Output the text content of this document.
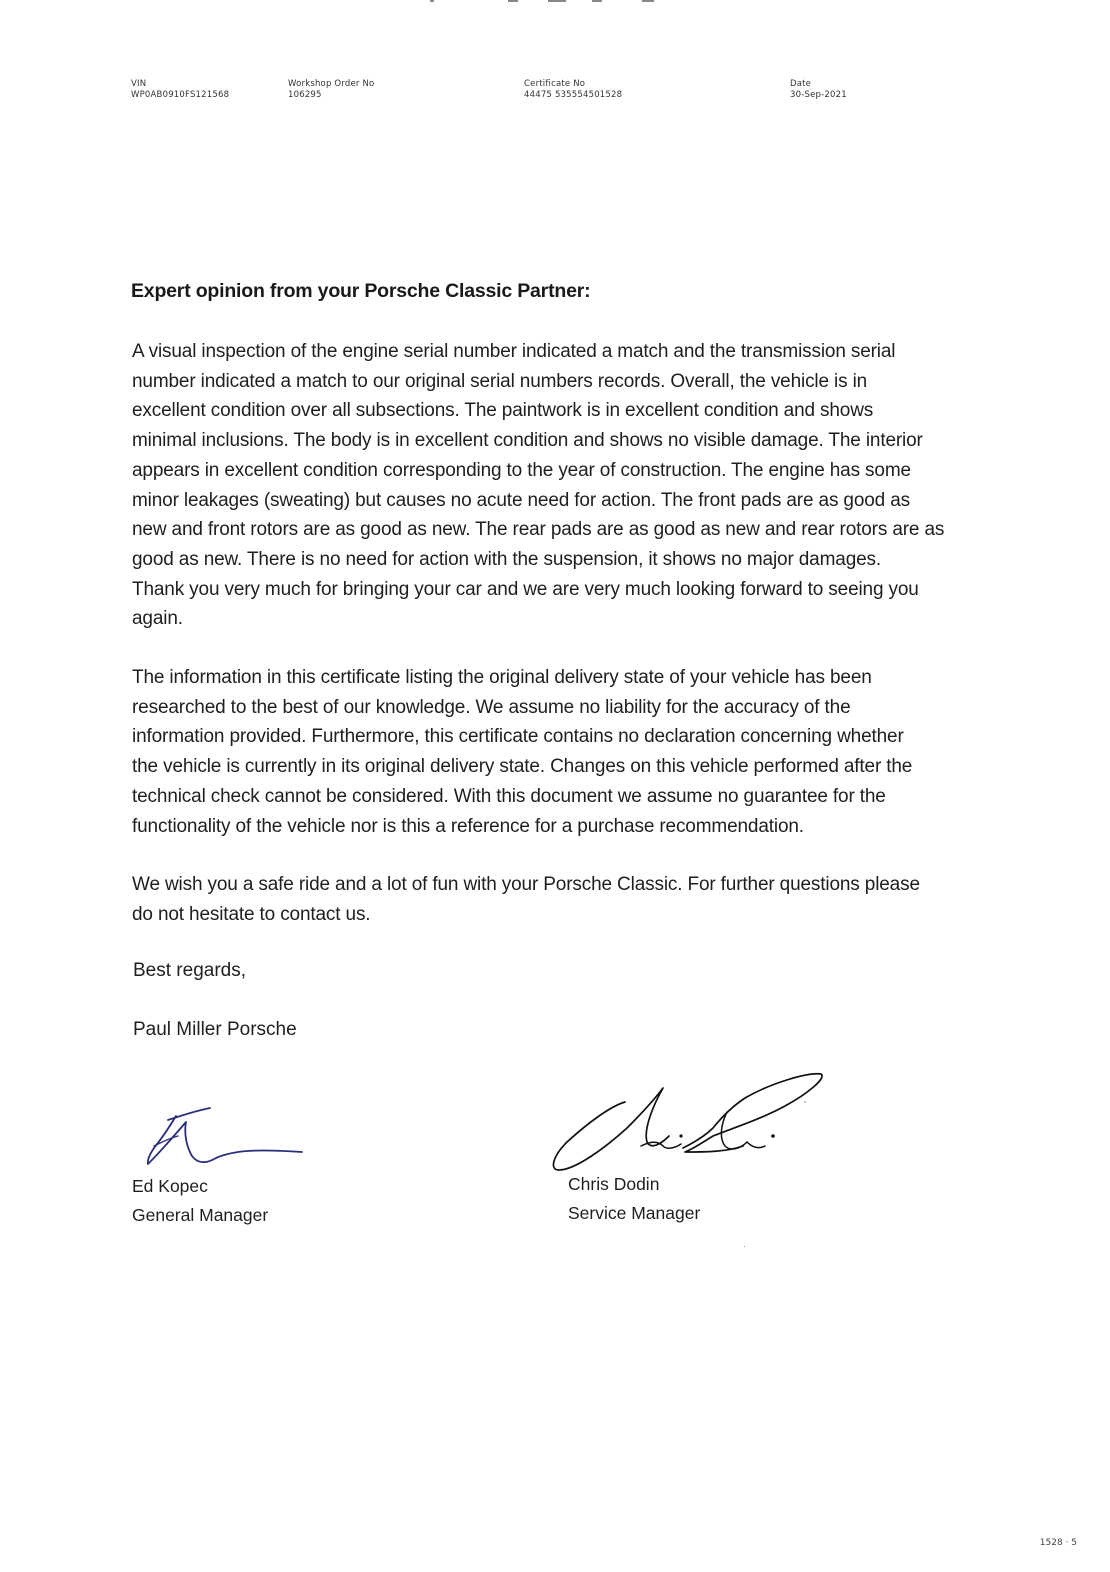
VIN
WP0AB0910FS121568
Workshop Order No
106295
Certificate No
44475 535554501528
Date
30-Sep-2021
Expert opinion from your Porsche Classic Partner:

A visual inspection of the engine serial number indicated a match and the transmission serial
number indicated a match to our original serial numbers records. Overall, the vehicle is in
excellent condition over all subsections. The paintwork is in excellent condition and shows
minimal inclusions. The body is in excellent condition and shows no visible damage. The interior
appears in excellent condition corresponding to the year of construction. The engine has some
minor leakages (sweating) but causes no acute need for action. The front pads are as good as
new and front rotors are as good as new. The rear pads are as good as new and rear rotors are as
good as new. There is no need for action with the suspension, it shows no major damages.
Thank you very much for bringing your car and we are very much looking forward to seeing you
again.

The information in this certificate listing the original delivery state of your vehicle has been
researched to the best of our knowledge. We assume no liability for the accuracy of the
information provided. Furthermore, this certificate contains no declaration concerning whether
the vehicle is currently in its original delivery state. Changes on this vehicle performed after the
technical check cannot be considered. With this document we assume no guarantee for the
functionality of the vehicle nor is this a reference for a purchase recommendation.

We wish you a safe ride and a lot of fun with your Porsche Classic. For further questions please
do not hesitate to contact us.

Best regards,
Paul Miller Porsche
Ed Kopec
General Manager
Chris Dodin
Service Manager
1528 · 5
